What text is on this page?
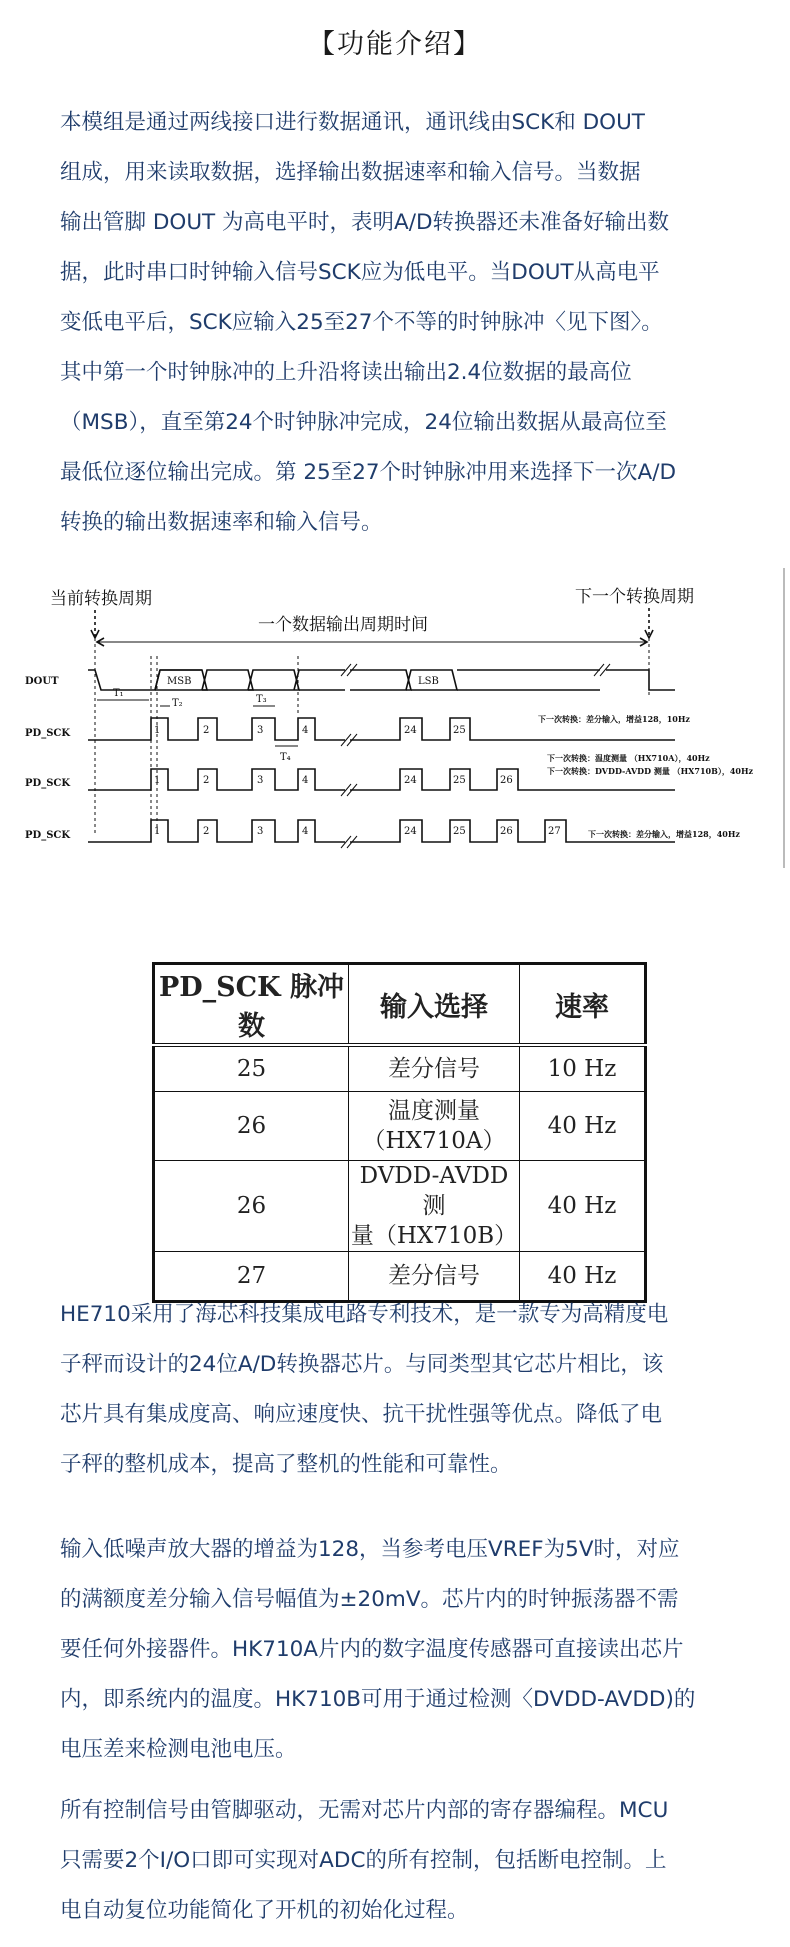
【功能介绍】

本模组是通过两线接口进行数据通讯，通讯线由SCK和 DOUT
组成，用来读取数据，选择输出数据速率和输入信号。当数据
输出管脚 DOUT 为高电平时，表明A/D转换器还未准备好输出数
据，此时串口时钟输入信号SCK应为低电平。当DOUT从高电平
变低电平后，SCK应输入25至27个不等的时钟脉冲〈见下图〉。
其中第一个时钟脉冲的上升沿将读出输出2.4位数据的最高位
（MSB），直至第24个时钟脉冲完成，24位输出数据从最高位至
最低位逐位输出完成。第 25至27个时钟脉冲用来选择下一次A/D
转换的输出数据速率和输入信号。

当前转换周期	下一个转换周期
一个数据输出周期时间
DOUT	MSB	LSB
T₁
T₂	T₃
T₄
PD_SCK	1	2	3	4	24	25
下一次转换：差分输入，增益128，10Hz
下一次转换：温度测量 （HX710A），40Hz
下一次转换：DVDD-AVDD 测量 （HX710B），40Hz
PD_SCK	1	2	3	4	24	25	26
PD_SCK	1	2	3	4	24	25	26	27	下一次转换：差分输入，增益128，40Hz
PD_SCK 脉冲数	输入选择	速率
25	差分信号	10 Hz
26	温度测量
（HX710A）	40 Hz
26	DVDD-AVDD 测
量（HX710B）	40 Hz
27	差分信号	40 Hz

HE710采用了海芯科技集成电路专利技术，是一款专为高精度电
子秤而设计的24位A/D转换器芯片。与同类型其它芯片相比，该
芯片具有集成度高、响应速度快、抗干扰性强等优点。降低了电
子秤的整机成本，提高了整机的性能和可靠性。

输入低噪声放大器的增益为128，当参考电压VREF为5V时，对应
的满额度差分输入信号幅值为±20mV。芯片内的时钟振荡器不需
要任何外接器件。HK710A片内的数字温度传感器可直接读出芯片
内，即系统内的温度。HK710B可用于通过检测〈DVDD-AVDD)的
电压差来检测电池电压。

所有控制信号由管脚驱动，无需对芯片内部的寄存器编程。MCU
只需要2个I/O口即可实现对ADC的所有控制，包括断电控制。上
电自动复位功能简化了开机的初始化过程。
